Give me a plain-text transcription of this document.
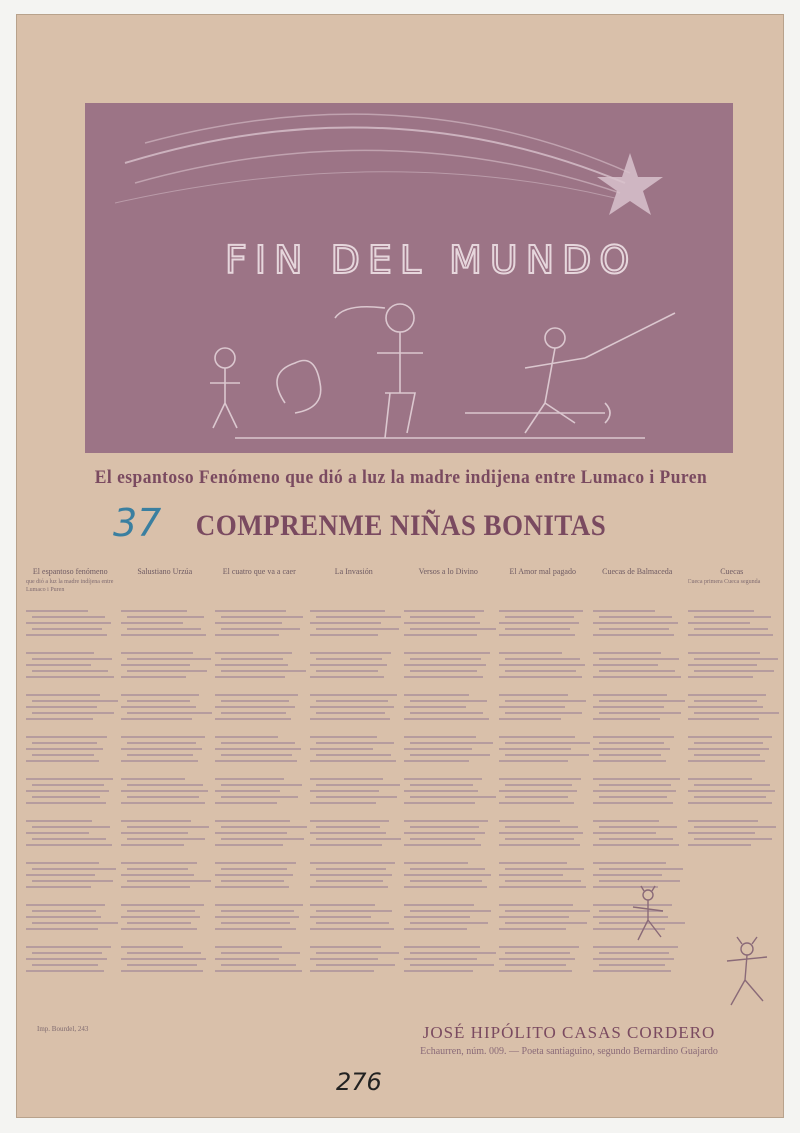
FIN DEL MUNDO
El espantoso Fenómeno que dió a luz la madre indijena entre Lumaco i Puren
COMPRENME NIÑAS BONITAS
37
El espantoso fenómeno
que dió a luz la madre indíjena entre Lumaco i Puren
Salustiano Urzúa	El cuatro que va a caer	La Invasión	Versos a lo Divino	El Amor mal pagado	Cuecas de Balmaceda	Cuecas
Cueca primera Cueca segunda
Imp. Bourdel, 243	JOSÉ HIPÓLITO CASAS CORDERO
Echaurren, núm. 009. — Poeta santiaguino, segundo Bernardino Guajardo
276
